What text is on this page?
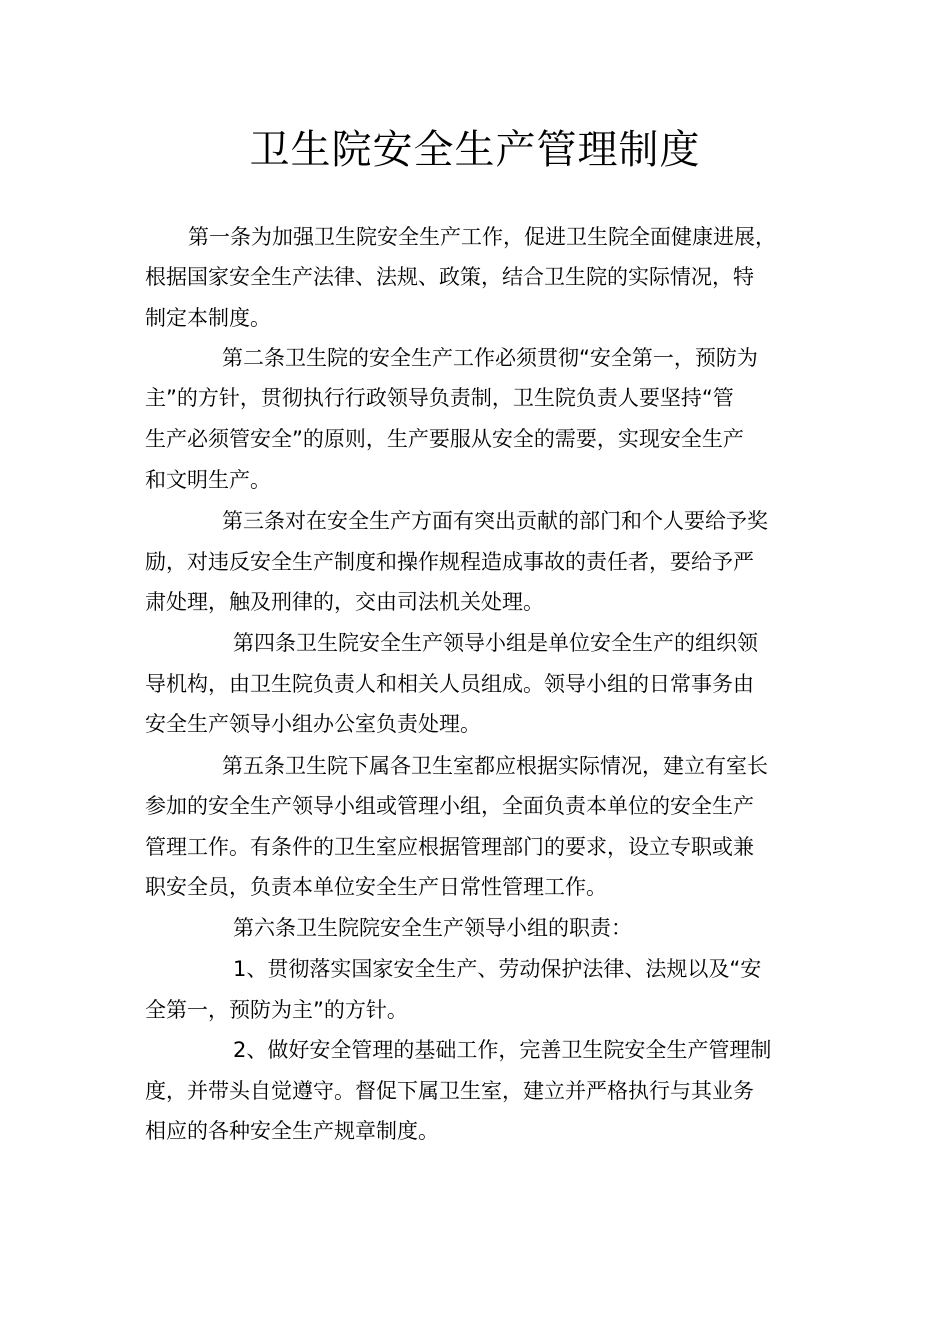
卫生院安全生产管理制度
第一条为加强卫生院安全生产工作，促进卫生院全面健康进展，
根据国家安全生产法律、法规、政策，结合卫生院的实际情况，特
制定本制度。
第二条卫生院的安全生产工作必须贯彻“安全第一，预防为
主”的方针，贯彻执行行政领导负责制，卫生院负责人要坚持“管
生产必须管安全”的原则，生产要服从安全的需要，实现安全生产
和文明生产。
第三条对在安全生产方面有突出贡献的部门和个人要给予奖
励，对违反安全生产制度和操作规程造成事故的责任者，要给予严
肃处理，触及刑律的，交由司法机关处理。
第四条卫生院安全生产领导小组是单位安全生产的组织领
导机构，由卫生院负责人和相关人员组成。领导小组的日常事务由
安全生产领导小组办公室负责处理。
第五条卫生院下属各卫生室都应根据实际情况，建立有室长
参加的安全生产领导小组或管理小组，全面负责本单位的安全生产
管理工作。有条件的卫生室应根据管理部门的要求，设立专职或兼
职安全员，负责本单位安全生产日常性管理工作。
第六条卫生院院安全生产领导小组的职责：
1、贯彻落实国家安全生产、劳动保护法律、法规以及“安
全第一，预防为主”的方针。
2、做好安全管理的基础工作，完善卫生院安全生产管理制
度，并带头自觉遵守。督促下属卫生室，建立并严格执行与其业务
相应的各种安全生产规章制度。
